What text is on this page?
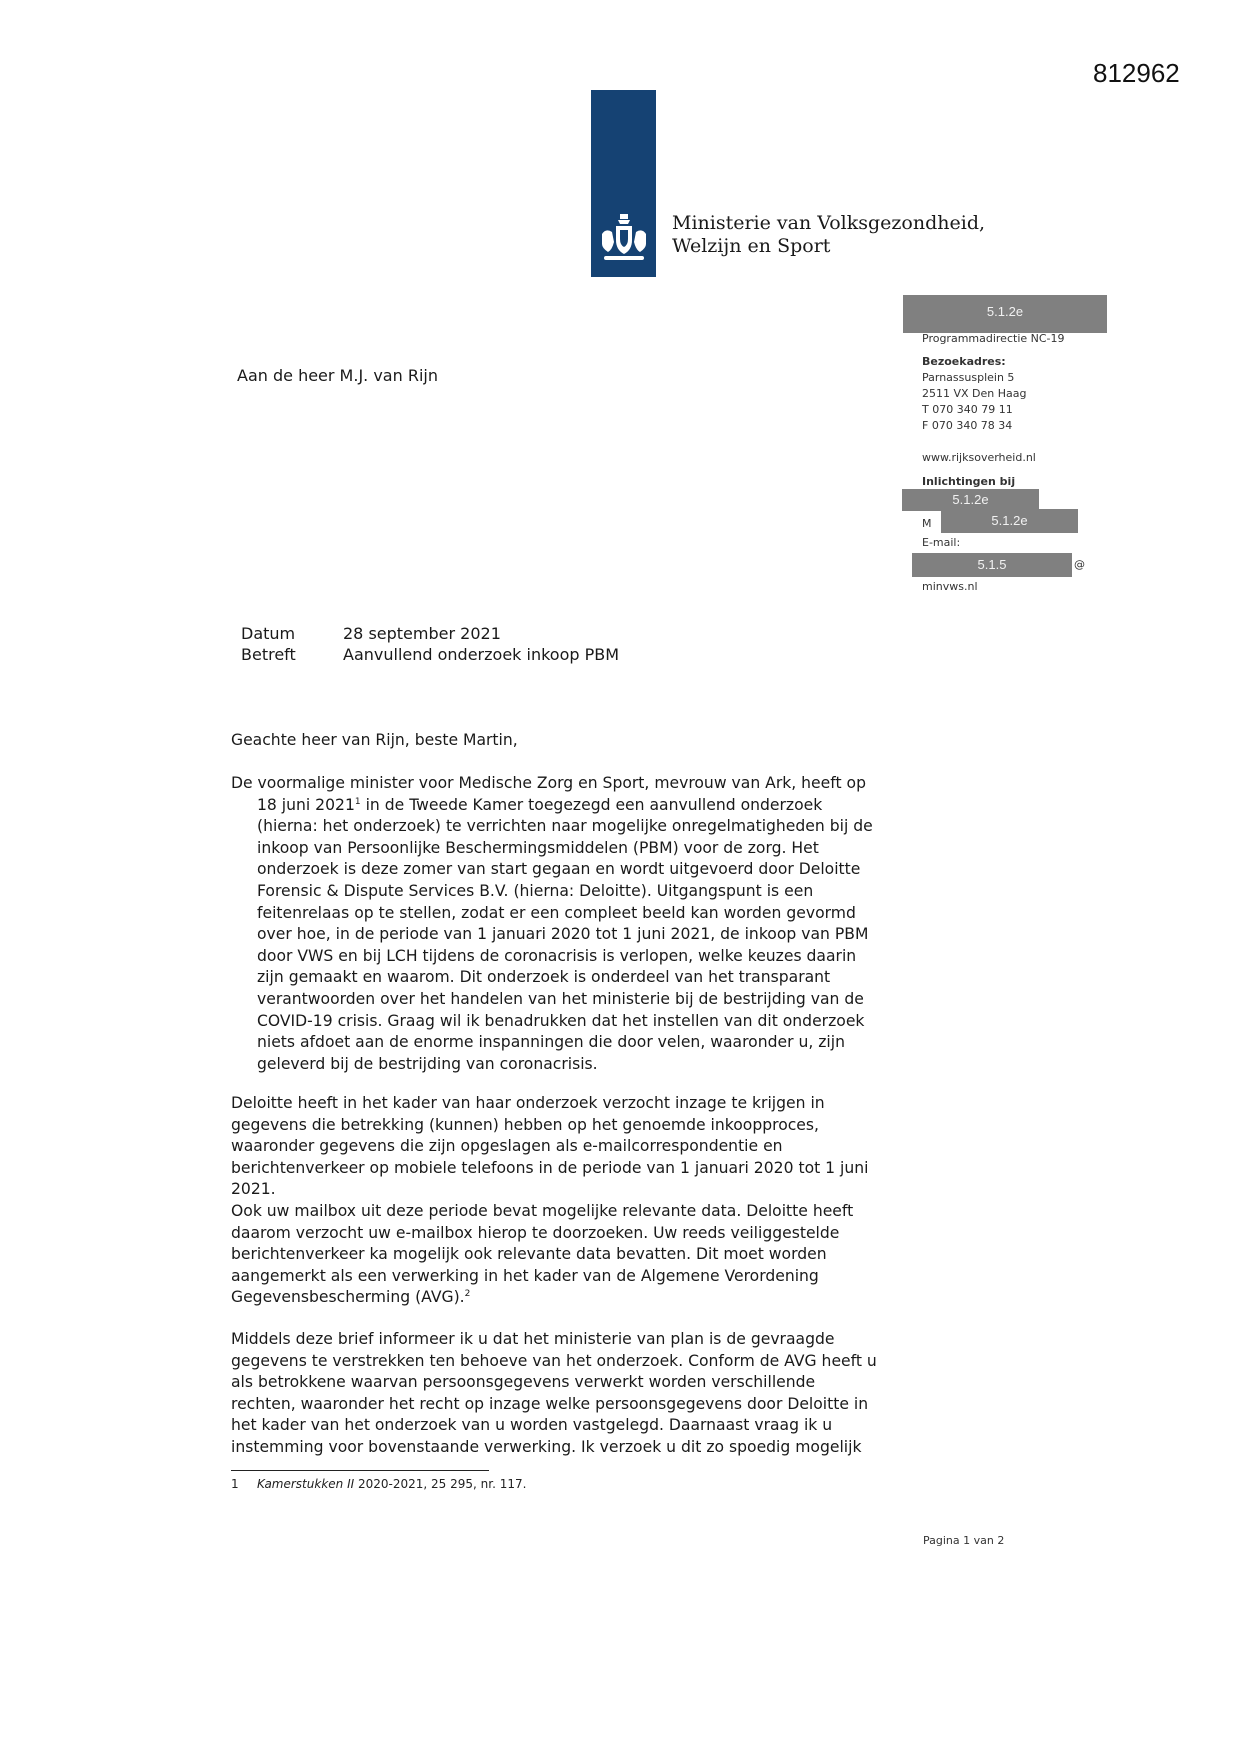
812962
Ministerie van Volksgezondheid,
Welzijn en Sport
5.1.2e
Programmadirectie NC-19
Bezoekadres:
Parnassusplein 5
2511 VX Den Haag
T 070 340 79 11
F 070 340 78 34
www.rijksoverheid.nl
Inlichtingen bij
5.1.2e
M	5.1.2e
E-mail:
5.1.5	@
minvws.nl
Aan de heer M.J. van Rijn
Datum	28 september 2021
Betreft	Aanvullend onderzoek inkoop PBM
Geachte heer van Rijn, beste Martin,
De voormalige minister voor Medische Zorg en Sport, mevrouw van Ark, heeft op
18 juni 2021$^1$ in de Tweede Kamer toegezegd een aanvullend onderzoek
(hierna: het onderzoek) te verrichten naar mogelijke onregelmatigheden bij de
inkoop van Persoonlijke Beschermingsmiddelen (PBM) voor de zorg. Het
onderzoek is deze zomer van start gegaan en wordt uitgevoerd door Deloitte
Forensic & Dispute Services B.V. (hierna: Deloitte). Uitgangspunt is een
feitenrelaas op te stellen, zodat er een compleet beeld kan worden gevormd
over hoe, in de periode van 1 januari 2020 tot 1 juni 2021, de inkoop van PBM
door VWS en bij LCH tijdens de coronacrisis is verlopen, welke keuzes daarin
zijn gemaakt en waarom. Dit onderzoek is onderdeel van het transparant
verantwoorden over het handelen van het ministerie bij de bestrijding van de
COVID-19 crisis. Graag wil ik benadrukken dat het instellen van dit onderzoek
niets afdoet aan de enorme inspanningen die door velen, waaronder u, zijn
geleverd bij de bestrijding van coronacrisis.
Deloitte heeft in het kader van haar onderzoek verzocht inzage te krijgen in
gegevens die betrekking (kunnen) hebben op het genoemde inkoopproces,
waaronder gegevens die zijn opgeslagen als e-mailcorrespondentie en
berichtenverkeer op mobiele telefoons in de periode van 1 januari 2020 tot 1 juni
2021.
Ook uw mailbox uit deze periode bevat mogelijke relevante data. Deloitte heeft
daarom verzocht uw e-mailbox hierop te doorzoeken. Uw reeds veiliggestelde
berichtenverkeer ka mogelijk ook relevante data bevatten. Dit moet worden
aangemerkt als een verwerking in het kader van de Algemene Verordening
Gegevensbescherming (AVG).$^2$
Middels deze brief informeer ik u dat het ministerie van plan is de gevraagde
gegevens te verstrekken ten behoeve van het onderzoek. Conform de AVG heeft u
als betrokkene waarvan persoonsgegevens verwerkt worden verschillende
rechten, waaronder het recht op inzage welke persoonsgegevens door Deloitte in
het kader van het onderzoek van u worden vastgelegd. Daarnaast vraag ik u
instemming voor bovenstaande verwerking. Ik verzoek u dit zo spoedig mogelijk
1 Kamerstukken II 2020-2021, 25 295, nr. 117.
Pagina 1 van 2
